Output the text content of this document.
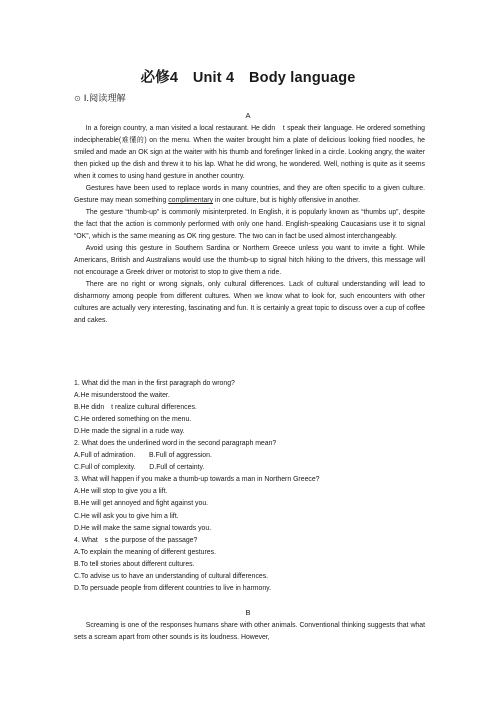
必修4　Unit 4　Body language
⊙ Ⅰ.阅读理解
A

In a foreign country, a man visited a local restaurant. He didn　t speak their language. He ordered something indecipherable(难懂的) on the menu. When the waiter brought him a plate of delicious looking fried noodles, he smiled and made an OK sign at the waiter with his thumb and forefinger linked in a circle. Looking angry, the waiter then picked up the dish and threw it to his lap. What he did wrong, he wondered. Well, nothing is quite as it seems when it comes to using hand gesture in another country.

Gestures have been used to replace words in many countries, and they are often specific to a given culture. Gesture may mean something complimentary in one culture, but is highly offensive in another.

The gesture “thumb-up” is commonly misinterpreted. In English, it is popularly known as “thumbs up”, despite the fact that the action is commonly performed with only one hand. English-speaking Caucasians use it to signal “OK”, which is the same meaning as OK ring gesture. The two can in fact be used almost interchangeably.

Avoid using this gesture in Southern Sardina or Northern Greece unless you want to invite a fight. While Americans, British and Australians would use the thumb-up to signal hitch hiking to the drivers, this message will not encourage a Greek driver or motorist to stop to give them a ride.

There are no right or wrong signals, only cultural differences. Lack of cultural understanding will lead to disharmony among people from different cultures. When we know what to look for, such encounters with other cultures are actually very interesting, fascinating and fun. It is certainly a great topic to discuss over a cup of coffee and cakes.

1. What did the man in the first paragraph do wrong?
A.He misunderstood the waiter.
B.He didn　t realize cultural differences.
C.He ordered something on the menu.
D.He made the signal in a rude way.
2. What does the underlined word in the second paragraph mean?
A.Full of admiration.　　B.Full of aggression.
C.Full of complexity.　　D.Full of certainty.
3. What will happen if you make a thumb-up towards a man in Northern Greece?
A.He will stop to give you a lift.
B.He will get annoyed and fight against you.
C.He will ask you to give him a lift.
D.He will make the same signal towards you.
4. What　s the purpose of the passage?
A.To explain the meaning of different gestures.
B.To tell stories about different cultures.
C.To advise us to have an understanding of cultural differences.
D.To persuade people from different countries to live in harmony.
B

Screaming is one of the responses humans share with other animals. Conventional thinking suggests that what sets a scream apart from other sounds is its loudness. However,
